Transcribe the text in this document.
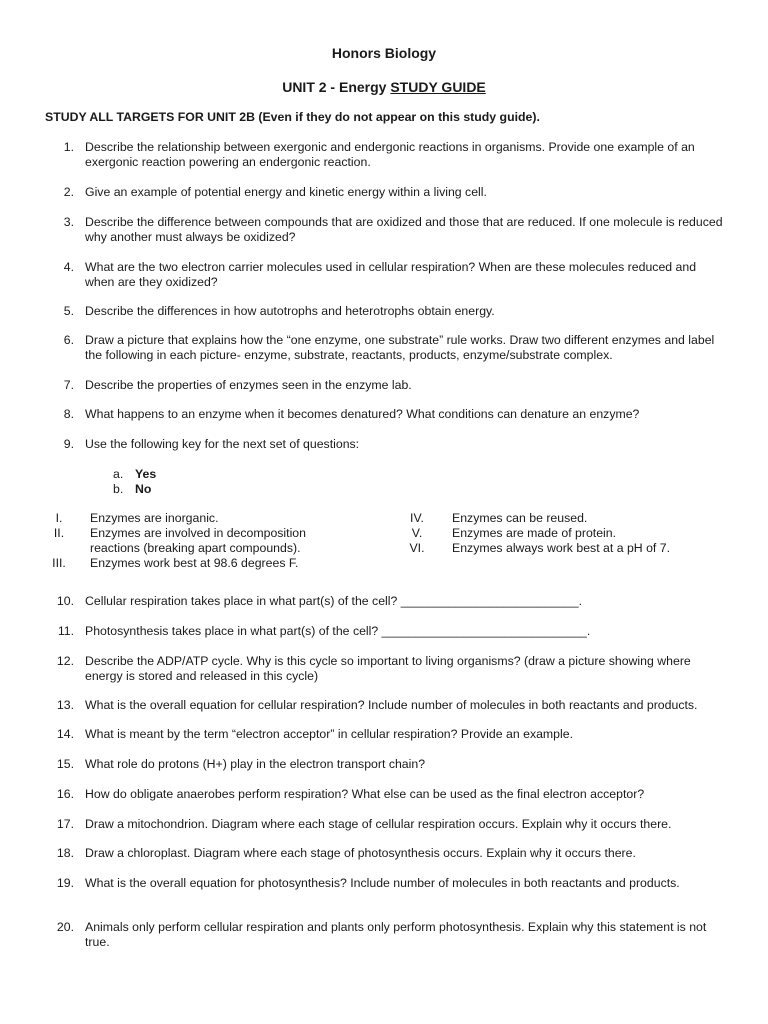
Honors Biology
UNIT 2 - Energy STUDY GUIDE
STUDY ALL TARGETS FOR UNIT 2B (Even if they do not appear on this study guide).
1. Describe the relationship between exergonic and endergonic reactions in organisms. Provide one example of an exergonic reaction powering an endergonic reaction.
2. Give an example of potential energy and kinetic energy within a living cell.
3. Describe the difference between compounds that are oxidized and those that are reduced. If one molecule is reduced why another must always be oxidized?
4. What are the two electron carrier molecules used in cellular respiration? When are these molecules reduced and when are they oxidized?
5. Describe the differences in how autotrophs and heterotrophs obtain energy.
6. Draw a picture that explains how the “one enzyme, one substrate” rule works. Draw two different enzymes and label the following in each picture- enzyme, substrate, reactants, products, enzyme/substrate complex.
7. Describe the properties of enzymes seen in the enzyme lab.
8. What happens to an enzyme when it becomes denatured? What conditions can denature an enzyme?
9. Use the following key for the next set of questions:
a. Yes
b. No
I.	Enzymes are inorganic.
II.	Enzymes are involved in decomposition
reactions (breaking apart compounds).
III.	Enzymes work best at 98.6 degrees F.
IV.	Enzymes can be reused.
V.	Enzymes are made of protein.
VI.	Enzymes always work best at a pH of 7.
10. Cellular respiration takes place in what part(s) of the cell? __________________________.
11. Photosynthesis takes place in what part(s) of the cell? ______________________________.
12. Describe the ADP/ATP cycle. Why is this cycle so important to living organisms? (draw a picture showing where energy is stored and released in this cycle)
13. What is the overall equation for cellular respiration? Include number of molecules in both reactants and products.
14. What is meant by the term “electron acceptor” in cellular respiration? Provide an example.
15. What role do protons (H+) play in the electron transport chain?
16. How do obligate anaerobes perform respiration? What else can be used as the final electron acceptor?
17. Draw a mitochondrion. Diagram where each stage of cellular respiration occurs. Explain why it occurs there.
18. Draw a chloroplast. Diagram where each stage of photosynthesis occurs. Explain why it occurs there.
19. What is the overall equation for photosynthesis? Include number of molecules in both reactants and products.
20. Animals only perform cellular respiration and plants only perform photosynthesis. Explain why this statement is not true.
